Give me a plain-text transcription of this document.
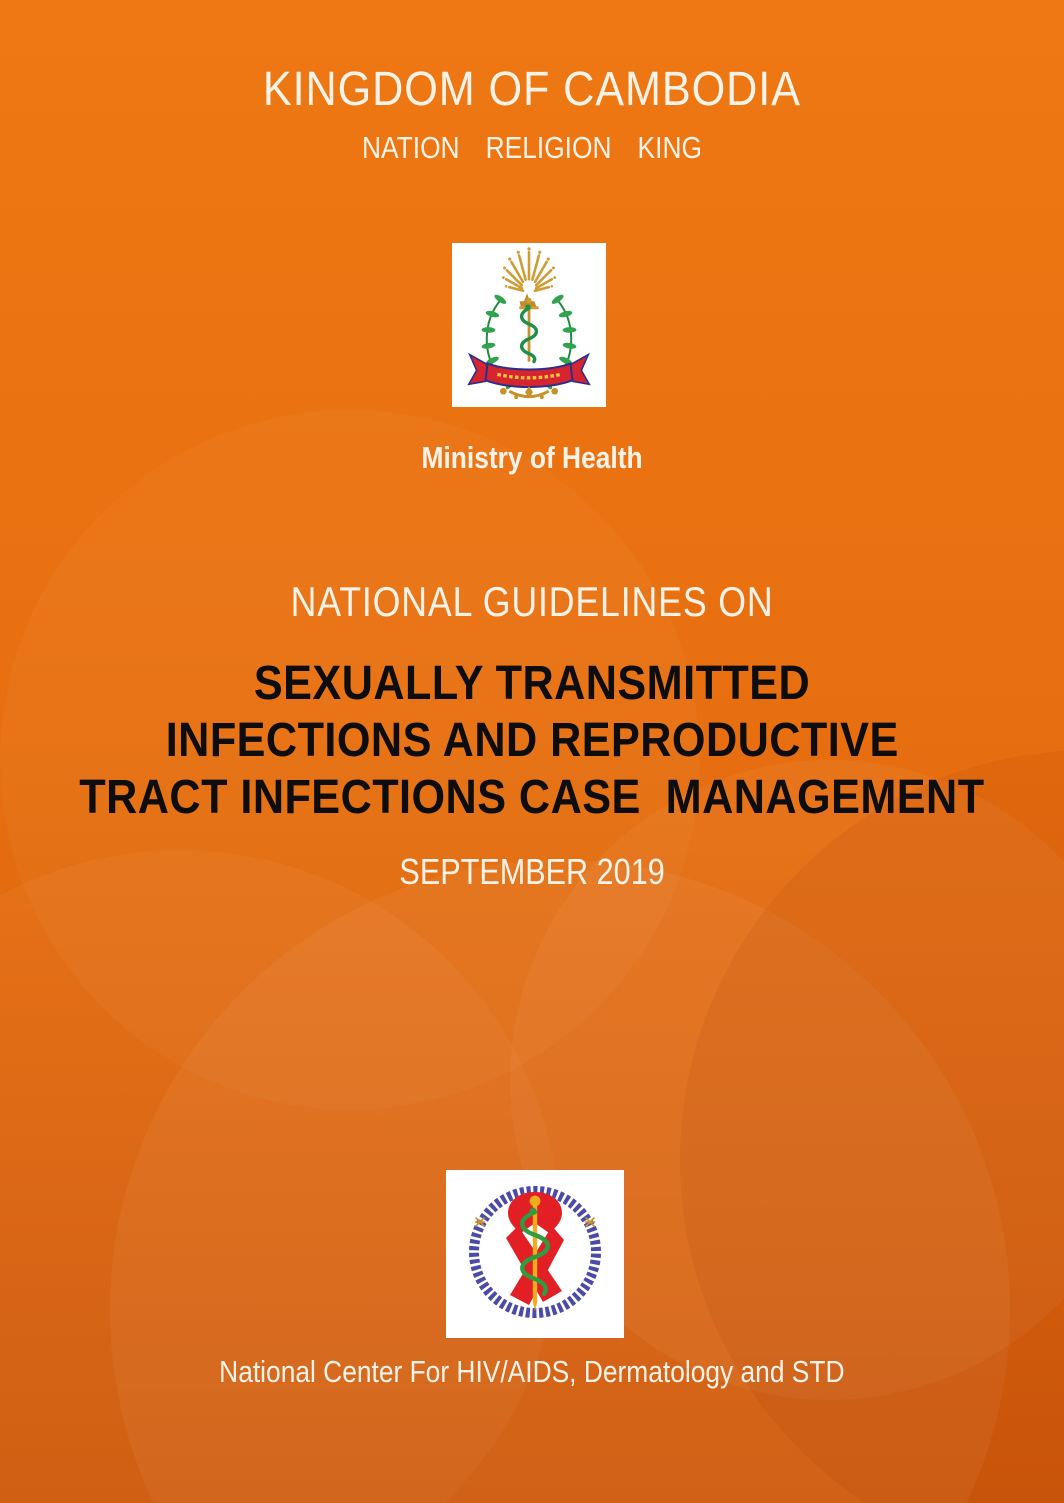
KINGDOM OF CAMBODIA
NATION RELIGION KING
Ministry of Health
NATIONAL GUIDELINES ON
SEXUALLY TRANSMITTED
INFECTIONS AND REPRODUCTIVE
TRACT INFECTIONS CASE  MANAGEMENT
SEPTEMBER 2019
National Center For HIV/AIDS, Dermatology and STD
